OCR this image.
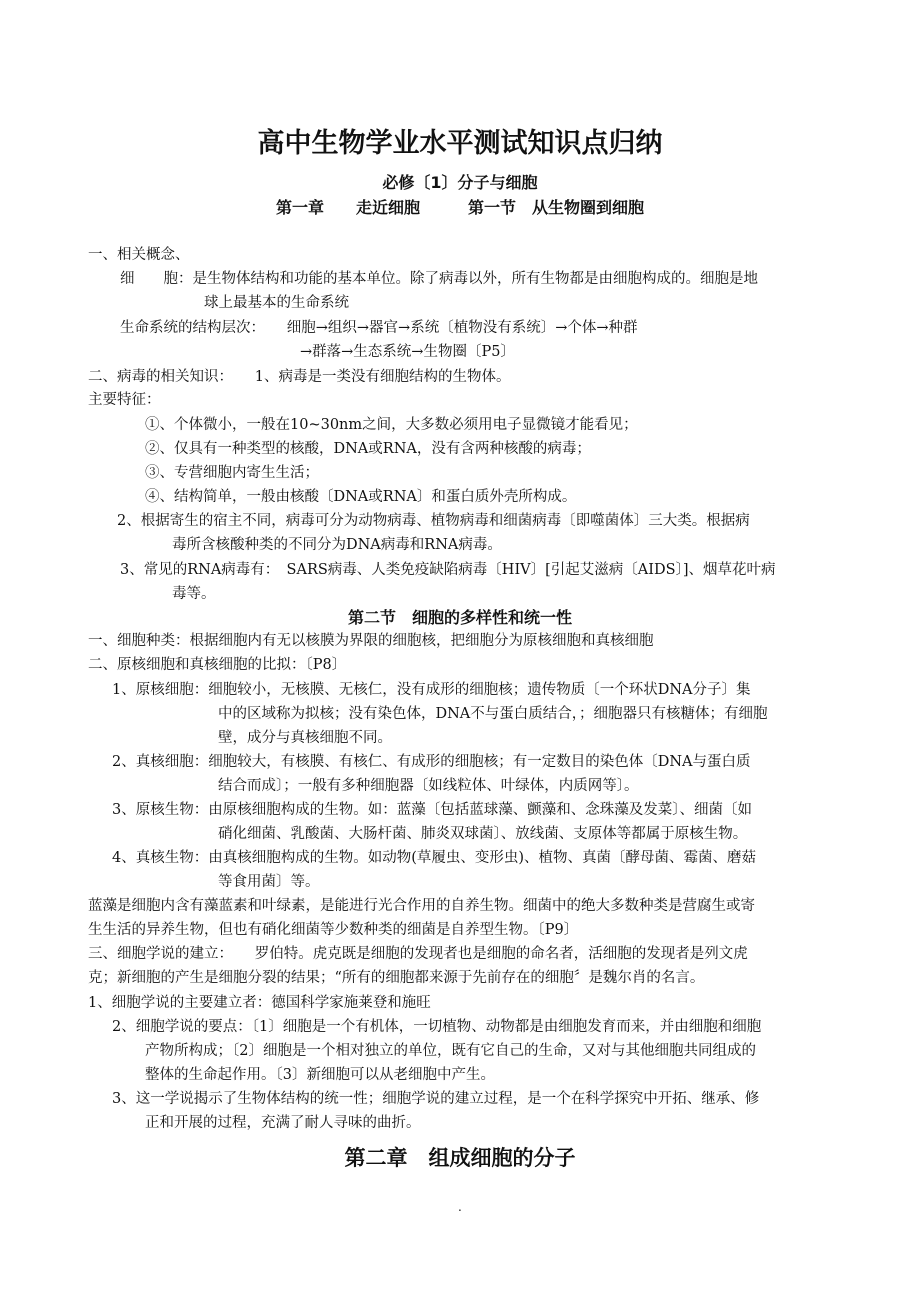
高中生物学业水平测试知识点归纳
必修〔1〕分子与细胞
第一章　　走近细胞　　　第一节　从生物圈到细胞
一、相关概念、
细　　胞：是生物体结构和功能的基本单位。除了病毒以外，所有生物都是由细胞构成的。细胞是地
球上最基本的生命系统
生命系统的结构层次：　　细胞→组织→器官→系统〔植物没有系统〕→个体→种群
→群落→生态系统→生物圈〔P5〕
二、病毒的相关知识：　　1、病毒是一类没有细胞结构的生物体。
主要特征：
①、个体微小，一般在10~30nm之间，大多数必须用电子显微镜才能看见；
②、仅具有一种类型的核酸，DNA或RNA，没有含两种核酸的病毒；
③、专营细胞内寄生生活；
④、结构简单，一般由核酸〔DNA或RNA〕和蛋白质外壳所构成。
2、根据寄生的宿主不同，病毒可分为动物病毒、植物病毒和细菌病毒〔即噬菌体〕三大类。根据病
毒所含核酸种类的不同分为DNA病毒和RNA病毒。
3、常见的RNA病毒有：　SARS病毒、人类免疫缺陷病毒〔HIV〕[引起艾滋病〔AIDS〕]、烟草花叶病
毒等。
第二节　细胞的多样性和统一性
一、细胞种类：根据细胞内有无以核膜为界限的细胞核，把细胞分为原核细胞和真核细胞
二、原核细胞和真核细胞的比拟：〔P8〕
1、原核细胞：细胞较小，无核膜、无核仁，没有成形的细胞核；遗传物质〔一个环状DNA分子〕集
中的区域称为拟核；没有染色体，DNA不与蛋白质结合，；细胞器只有核糖体；有细胞
壁，成分与真核细胞不同。
2、真核细胞：细胞较大，有核膜、有核仁、有成形的细胞核；有一定数目的染色体〔DNA与蛋白质
结合而成〕；一般有多种细胞器〔如线粒体、叶绿体，内质网等〕。
3、原核生物：由原核细胞构成的生物。如：蓝藻〔包括蓝球藻、颤藻和、念珠藻及发菜〕、细菌〔如
硝化细菌、乳酸菌、大肠杆菌、肺炎双球菌〕、放线菌、支原体等都属于原核生物。
4、真核生物：由真核细胞构成的生物。如动物(草履虫、变形虫)、植物、真菌〔酵母菌、霉菌、磨菇
等食用菌〕等。
蓝藻是细胞内含有藻蓝素和叶绿素，是能进行光合作用的自养生物。细菌中的绝大多数种类是营腐生或寄
生生活的异养生物，但也有硝化细菌等少数种类的细菌是自养型生物。〔P9〕
三、细胞学说的建立：　　罗伯特。虎克既是细胞的发现者也是细胞的命名者，活细胞的发现者是列文虎
克；新细胞的产生是细胞分裂的结果；“所有的细胞都来源于先前存在的细胞〞是魏尔肖的名言。
1、细胞学说的主要建立者：德国科学家施莱登和施旺
2、细胞学说的要点：〔1〕细胞是一个有机体，一切植物、动物都是由细胞发育而来，并由细胞和细胞
产物所构成；〔2〕细胞是一个相对独立的单位，既有它自己的生命，又对与其他细胞共同组成的
整体的生命起作用。〔3〕新细胞可以从老细胞中产生。
3、这一学说揭示了生物体结构的统一性；细胞学说的建立过程，是一个在科学探究中开拓、继承、修
正和开展的过程，充满了耐人寻味的曲折。
第二章　组成细胞的分子
.
